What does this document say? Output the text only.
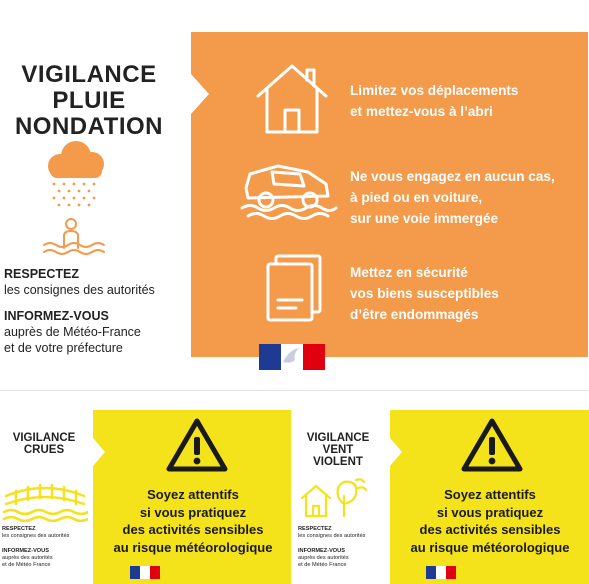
VIGILANCE
PLUIE
NONDATION
RESPECTEZ
les consignes des autorités
INFORMEZ-VOUS
auprès de Météo-France
et de votre préfecture
Limitez vos déplacements
et mettez-vous à l’abri
Ne vous engagez en aucun cas,
à pied ou en voiture,
sur une voie immergée
Mettez en sécurité
vos biens susceptibles
d’être endommagés
VIGILANCE
CRUES
RESPECTEZ
les consignes des autorités
INFORMEZ-VOUS
auprès des autorités
et de Météo France
Soyez attentifs
si vous pratiquez
des activités sensibles
au risque météorologique
VIGILANCE
VENT
VIOLENT
RESPECTEZ
les consignes des autorités
INFORMEZ-VOUS
auprès des autorités
et de Météo France
Soyez attentifs
si vous pratiquez
des activités sensibles
au risque météorologique
